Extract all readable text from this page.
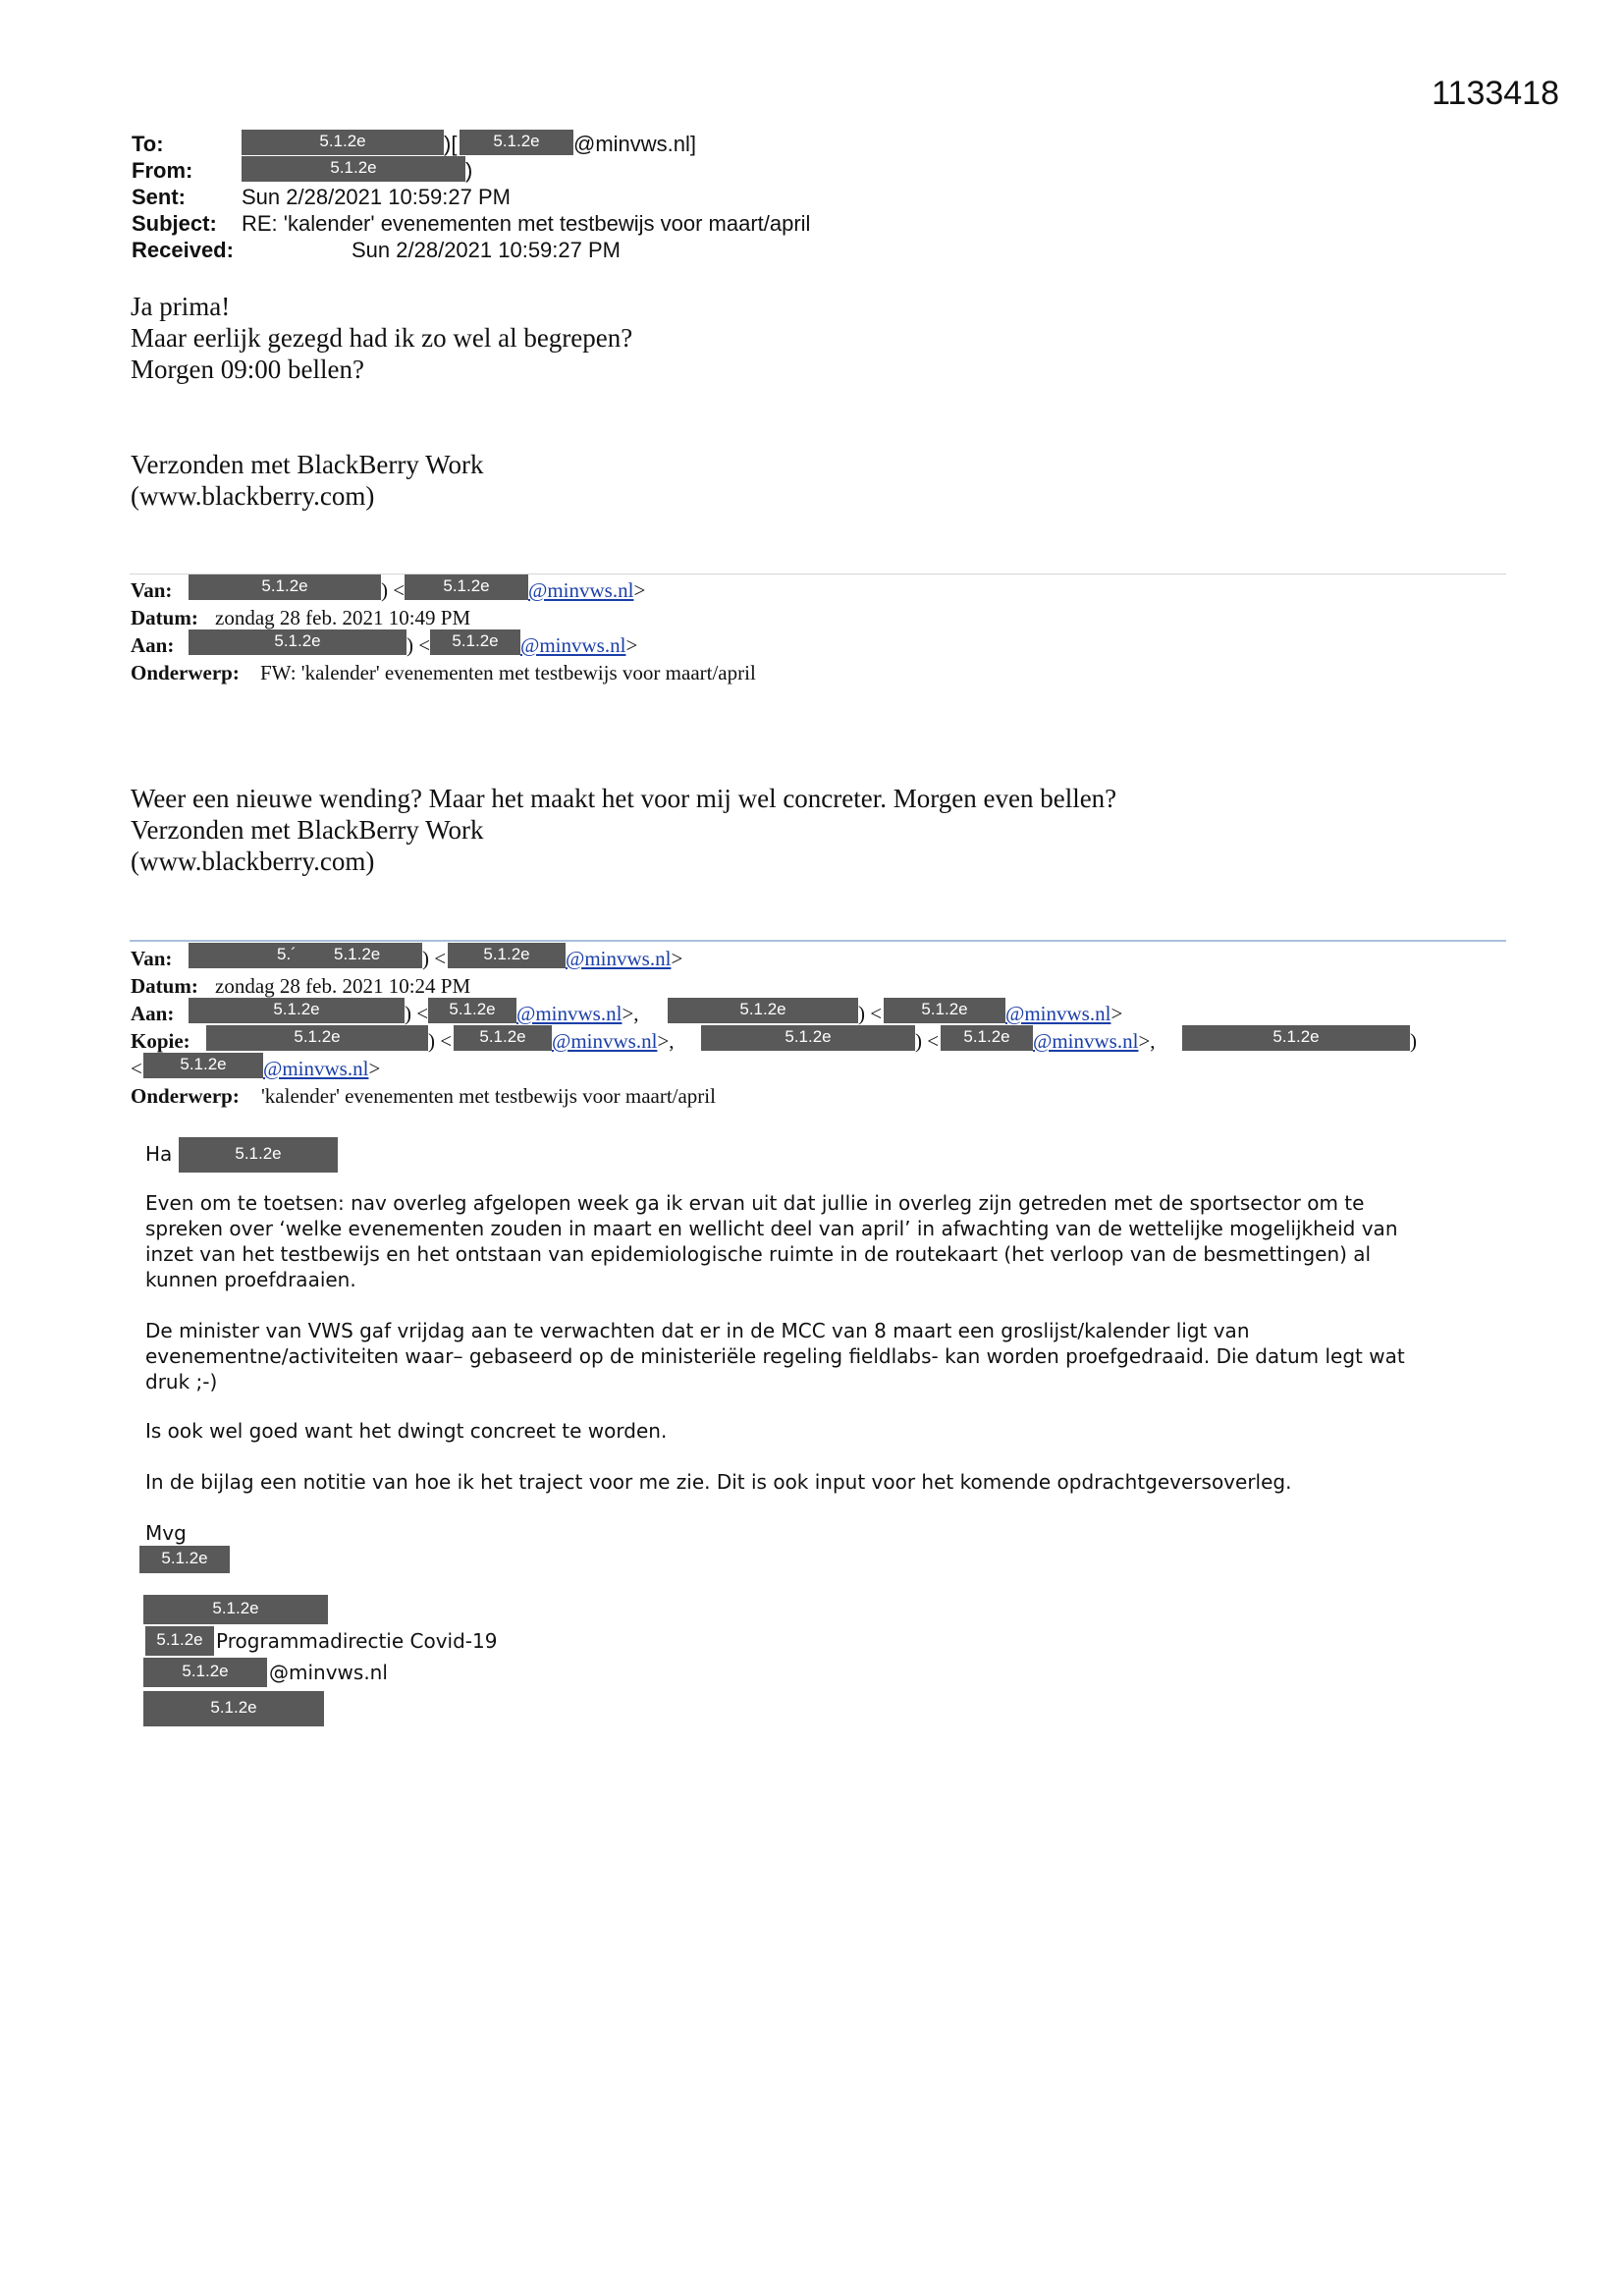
1133418
To:	5.1.2e	)[	5.1.2e	@minvws.nl]
From:	5.1.2e	)
Sent:	Sun 2/28/2021 10:59:27 PM
Subject: RE: 'kalender' evenementen met testbewijs voor maart/april
Received:	Sun 2/28/2021 10:59:27 PM
Ja prima!
Maar eerlijk gezegd had ik zo wel al begrepen?
Morgen 09:00 bellen?
Verzonden met BlackBerry Work
(www.blackberry.com)
Van:	5.1.2e	) <	5.1.2e	@minvws.nl>
Datum: zondag 28 feb. 2021 10:49 PM
Aan:	5.1.2e	) <	5.1.2e	@minvws.nl>
Onderwerp: FW: 'kalender' evenementen met testbewijs voor maart/april
Weer een nieuwe wending? Maar het maakt het voor mij wel concreter. Morgen even bellen?
Verzonden met BlackBerry Work
(www.blackberry.com)
Van:	5.´ 5.1.2e ) <	5.1.2e	@minvws.nl>
Datum: zondag 28 feb. 2021 10:24 PM
Aan:	5.1.2e	) <	5.1.2e	@minvws.nl>,	5.1.2e	) <	5.1.2e	@minvws.nl>
Kopie:	5.1.2e	) <	5.1.2e	@minvws.nl>,	5.1.2e	) <	5.1.2e	@minvws.nl>,	5.1.2e	)
<	5.1.2e	@minvws.nl>
Onderwerp: 'kalender' evenementen met testbewijs voor maart/april
Ha	5.1.2e
Even om te toetsen: nav overleg afgelopen week ga ik ervan uit dat jullie in overleg zijn getreden met de sportsector om te
spreken over ‘welke evenementen zouden in maart en wellicht deel van april’ in afwachting van de wettelijke mogelijkheid van
inzet van het testbewijs en het ontstaan van epidemiologische ruimte in de routekaart (het verloop van de besmettingen) al
kunnen proefdraaien.
De minister van VWS gaf vrijdag aan te verwachten dat er in de MCC van 8 maart een groslijst/kalender ligt van
evenementne/activiteiten waar– gebaseerd op de ministeriële regeling fieldlabs- kan worden proefgedraaid. Die datum legt wat
druk ;-)
Is ook wel goed want het dwingt concreet te worden.
In de bijlag een notitie van hoe ik het traject voor me zie. Dit is ook input voor het komende opdrachtgeversoverleg.
Mvg
5.1.2e
5.1.2e
5.1.2e Programmadirectie Covid-19
5.1.2e	@minvws.nl
5.1.2e
